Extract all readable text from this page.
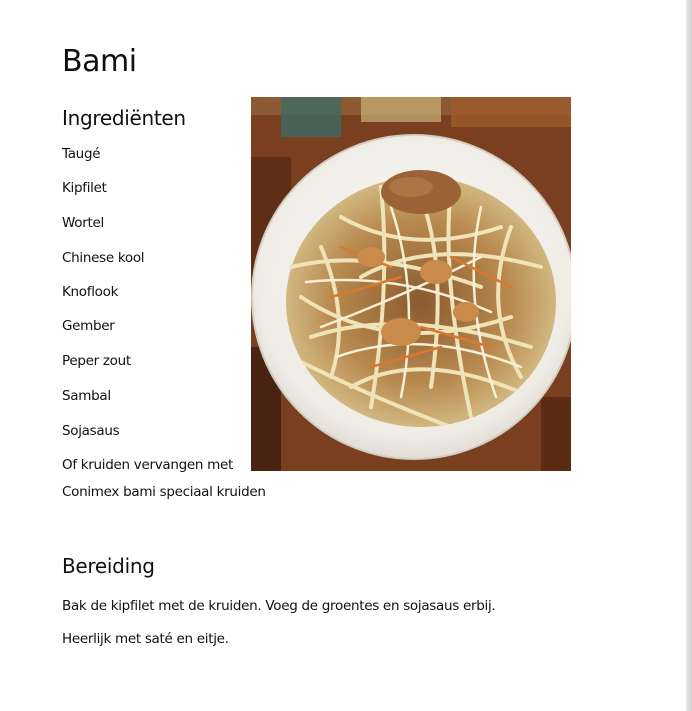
Bami
Ingrediënten
Taugé
Kipfilet
Wortel
Chinese kool
Knoflook
Gember
Peper zout
Sambal
Sojasaus
Of kruiden vervangen met
Conimex bami speciaal kruiden
Bereiding

Bak de kipfilet met de kruiden. Voeg de groentes en sojasaus erbij.

Heerlijk met saté en eitje.
